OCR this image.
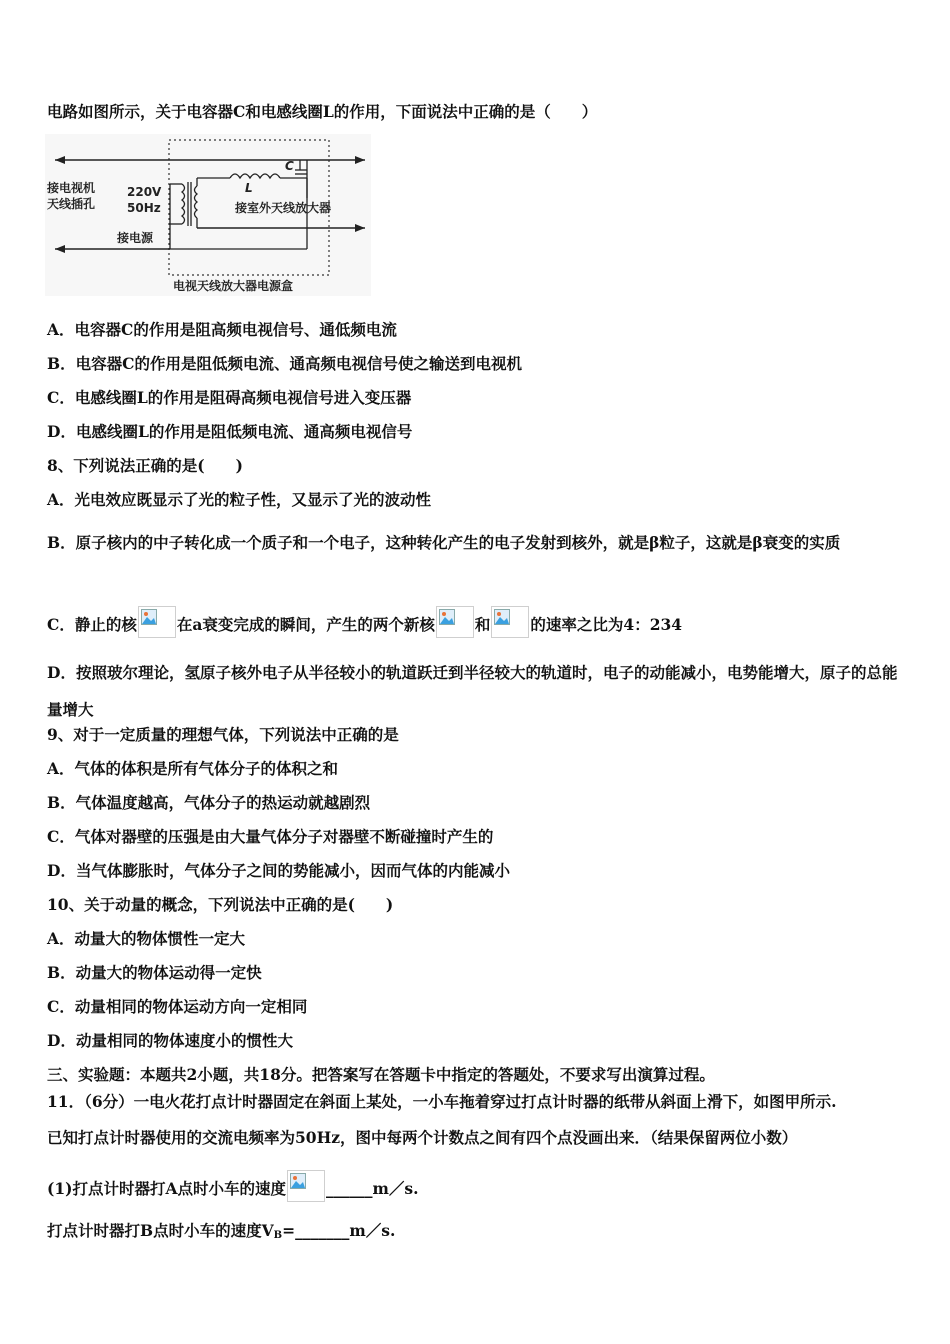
电路如图所示，关于电容器C和电感线圈L的作用，下面说法中正确的是（　　）
接电视机
天线插孔
220V
50Hz
接电源
L
C
接室外天线放大器
电视天线放大器电源盒
A．电容器C的作用是阻高频电视信号、通低频电流
B．电容器C的作用是阻低频电流、通高频电视信号使之输送到电视机
C．电感线圈L的作用是阻碍高频电视信号进入变压器
D．电感线圈L的作用是阻低频电流、通高频电视信号
8、下列说法正确的是(　　)
A．光电效应既显示了光的粒子性，又显示了光的波动性
B．原子核内的中子转化成一个质子和一个电子，这种转化产生的电子发射到核外，就是β粒子，这就是β衰变的实质
C．静止的核	在a衰变完成的瞬间，产生的两个新核	和	的速率之比为4：234
D．按照玻尔理论，氢原子核外电子从半径较小的轨道跃迁到半径较大的轨道时，电子的动能减小，电势能增大，原子的总能量增大
9、对于一定质量的理想气体，下列说法中正确的是
A．气体的体积是所有气体分子的体积之和
B．气体温度越高，气体分子的热运动就越剧烈
C．气体对器壁的压强是由大量气体分子对器壁不断碰撞时产生的
D．当气体膨胀时，气体分子之间的势能减小，因而气体的内能减小
10、关于动量的概念，下列说法中正确的是(　　)
A．动量大的物体惯性一定大
B．动量大的物体运动得一定快
C．动量相同的物体运动方向一定相同
D．动量相同的物体速度小的惯性大
三、实验题：本题共2小题，共18分。把答案写在答题卡中指定的答题处，不要求写出演算过程。
11．（6分）一电火花打点计时器固定在斜面上某处，一小车拖着穿过打点计时器的纸带从斜面上滑下，如图甲所示.
已知打点计时器使用的交流电频率为50Hz，图中每两个计数点之间有四个点没画出来．（结果保留两位小数）
(1)打点计时器打A点时小车的速度	______m／s.
打点计时器打B点时小车的速度$V_B=\_\_\_\_\_\_\_m/s$.
